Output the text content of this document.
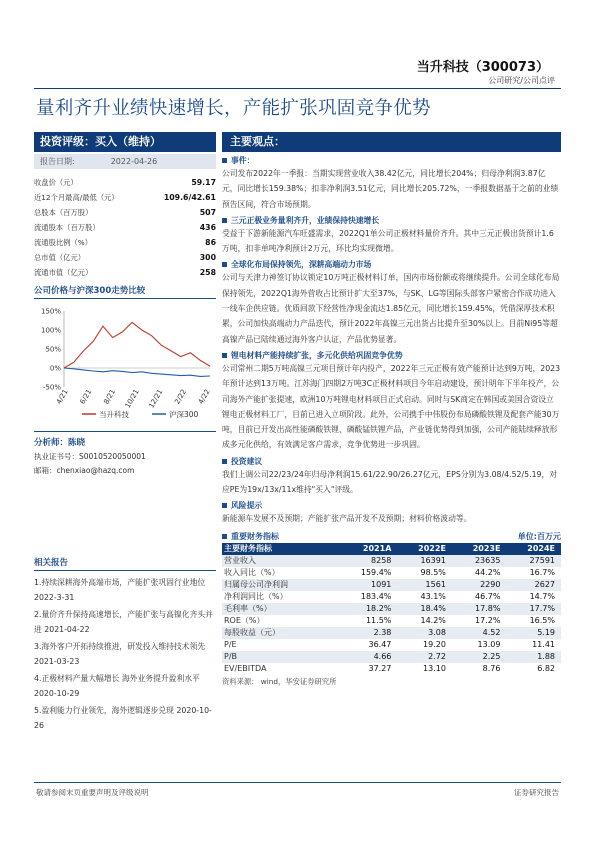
当升科技（300073）
公司研究/公司点评
量利齐升业绩快速增长，产能扩张巩固竞争优势
投资评级：买入（维持）
报告日期:	2022-04-26
收盘价（元）	59.17
近12个月最高/最低（元）	109.6/42.61
总股本（百万股）	507
流通股本（百万股）	436
流通股比例（%）	86
总市值（亿元）	300
流通市值（亿元）	258
公司价格与沪深300走势比较
150%
100%
50%
0%
-50%
4/21 6/21 8/21 10/21 12/21 2/22 4/22
当升科技	沪深300
分析师：陈晓
执业证书号：S0010520050001
邮箱：chenxiao@hazq.com
相关报告
1.持续深耕海外高端市场，产能扩张巩固行业地位 2022-3-31
2.量价齐升保持高速增长，产能扩张与高镍化齐头并进 2021-04-22
3.海外客户开拓持续推进，研发投入维持技术领先 2021-03-23
4.正极材料产量大幅增长 海外业务提升盈利水平 2020-10-29
5.盈利能力行业领先，海外逻辑逐步兑现 2020-10-26
主要观点：
事件：
公司发布2022年一季报：当期实现营业收入38.42亿元，同比增长204%；归母净利润3.87亿元，同比增长159.38%；扣非净利润3.51亿元，同比增长205.72%，一季报数据基于之前的业绩预告区间，符合市场预期。
三元正极业务量利齐升，业绩保持快速增长
受益于下游新能源汽车旺盛需求，2022Q1单公司正极材料量价齐升。其中三元正极出货预计1.6万吨，扣非单吨净利预计2万元，环比均实现微增。
全球化布局保持领先，深耕高端动力市场
公司与天津力神签订协议锁定10万吨正极材料订单，国内市场份额或将继续提升。公司全球化布局保持领先，2022Q1海外营收占比预计扩大至37%，与SK、LG等国际头部客户紧密合作成功进入一线车企供应链。优质回款下经营性净现金流达1.85亿元，同比增长159.45%，凭借深厚技术积累，公司加快高端动力产品迭代，预计2022年高镍三元出货占比提升至30%以上。目前Ni95等超高镍产品已陆续通过海外客户认证，产品优势显著。
锂电材料产能持续扩张，多元化供给巩固竞争优势
公司常州二期5万吨高镍三元项目预计年内投产，2022年三元正极有效产能预计达到9万吨，2023年预计达到13万吨。江苏海门四期2万吨3C正极材料项目今年启动建设，预计明年下半年投产，公司海外产能扩张提速，欧洲10万吨锂电材料项目正式启动。同时与SK商定在韩国或美国合资设立锂电正极材料工厂，目前已进入立项阶段。此外，公司携手中伟股份布局磷酸铁锂及配套产能30万吨，目前已开发出高性能磷酸铁锂、磷酸锰铁锂产品，产业链优势得到加强，公司产能陆续释放形成多元化供给，有效满足客户需求，竞争优势进一步巩固。
投资建议
我们上调公司22/23/24年归母净利润15.61/22.90/26.27亿元，EPS分别为3.08/4.52/5.19，对应PE为19x/13x/11x维持"买入"评级。
风险提示
新能源车发展不及预期；产能扩张产品开发不及预期；材料价格波动等。
重要财务指标	单位:百万元
主要财务指标	2021A	2022E	2023E	2024E
营业收入	8258	16391	23635	27591
收入同比（%）	159.4%	98.5%	44.2%	16.7%
归属母公司净利润	1091	1561	2290	2627
净利润同比（%）	183.4%	43.1%	46.7%	14.7%
毛利率（%）	18.2%	18.4%	17.8%	17.7%
ROE（%）	11.5%	14.2%	17.2%	16.5%
每股收益（元）	2.38	3.08	4.52	5.19
P/E	36.47	19.20	13.09	11.41
P/B	4.66	2.72	2.25	1.88
EV/EBITDA	37.27	13.10	8.76	6.82
资料来源： wind，华安证券研究所
敬请参阅末页重要声明及评级说明	证券研究报告
